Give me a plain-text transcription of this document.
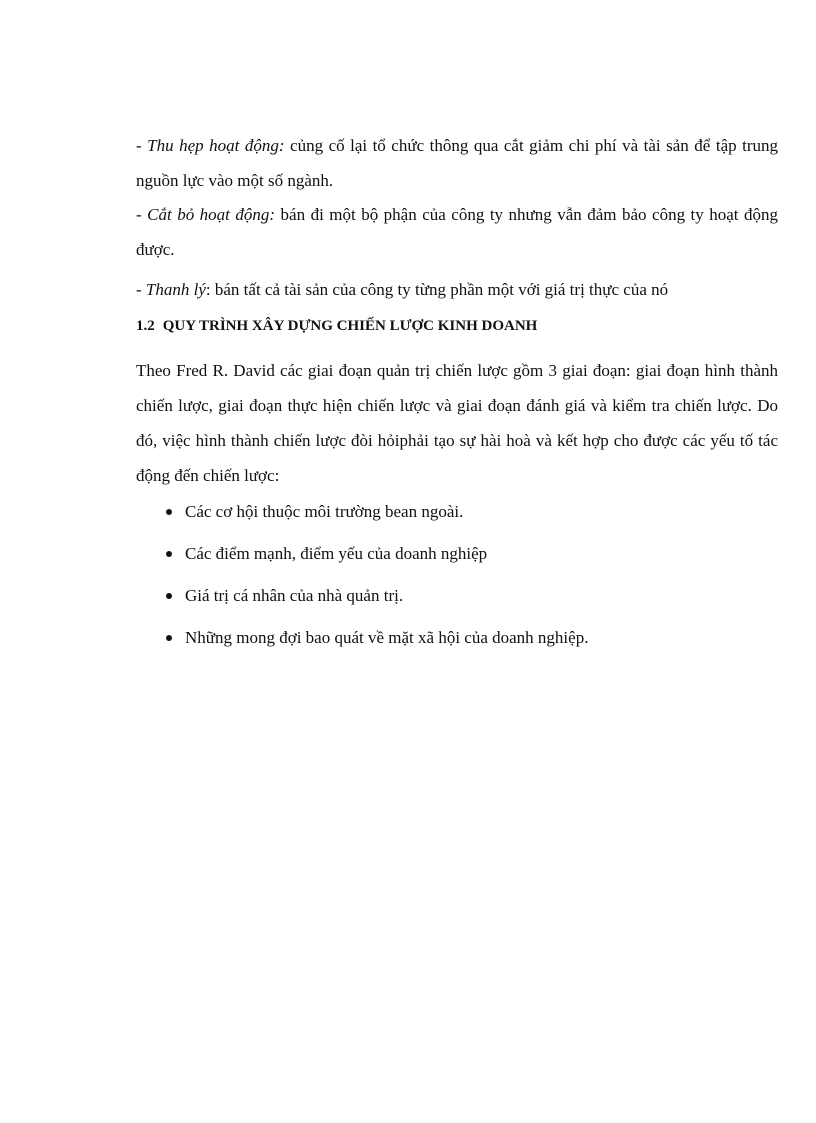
- Thu hẹp hoạt động: củng cố lại tổ chức thông qua cắt giảm chi phí và tài sản để tập trung nguồn lực vào một số ngành.

- Cắt bỏ hoạt động: bán đi một bộ phận của công ty nhưng vẫn đảm bảo công ty hoạt động được.

- Thanh lý: bán tất cả tài sản của công ty từng phần một với giá trị thực của nó

1.2 QUY TRÌNH XÂY DỰNG CHIẾN LƯỢC KINH DOANH

Theo Fred R. David các giai đoạn quản trị chiến lược gồm 3 giai đoạn: giai đoạn hình thành chiến lược, giai đoạn thực hiện chiến lược và giai đoạn đánh giá và kiểm tra chiến lược. Do đó, việc hình thành chiến lược đòi hỏiphải tạo sự hài hoà và kết hợp cho được các yếu tố tác động đến chiến lược:

Các cơ hội thuộc môi trường bean ngoài.
Các điểm mạnh, điểm yếu của doanh nghiệp
Giá trị cá nhân của nhà quản trị.
Những mong đợi bao quát về mặt xã hội của doanh nghiệp.
